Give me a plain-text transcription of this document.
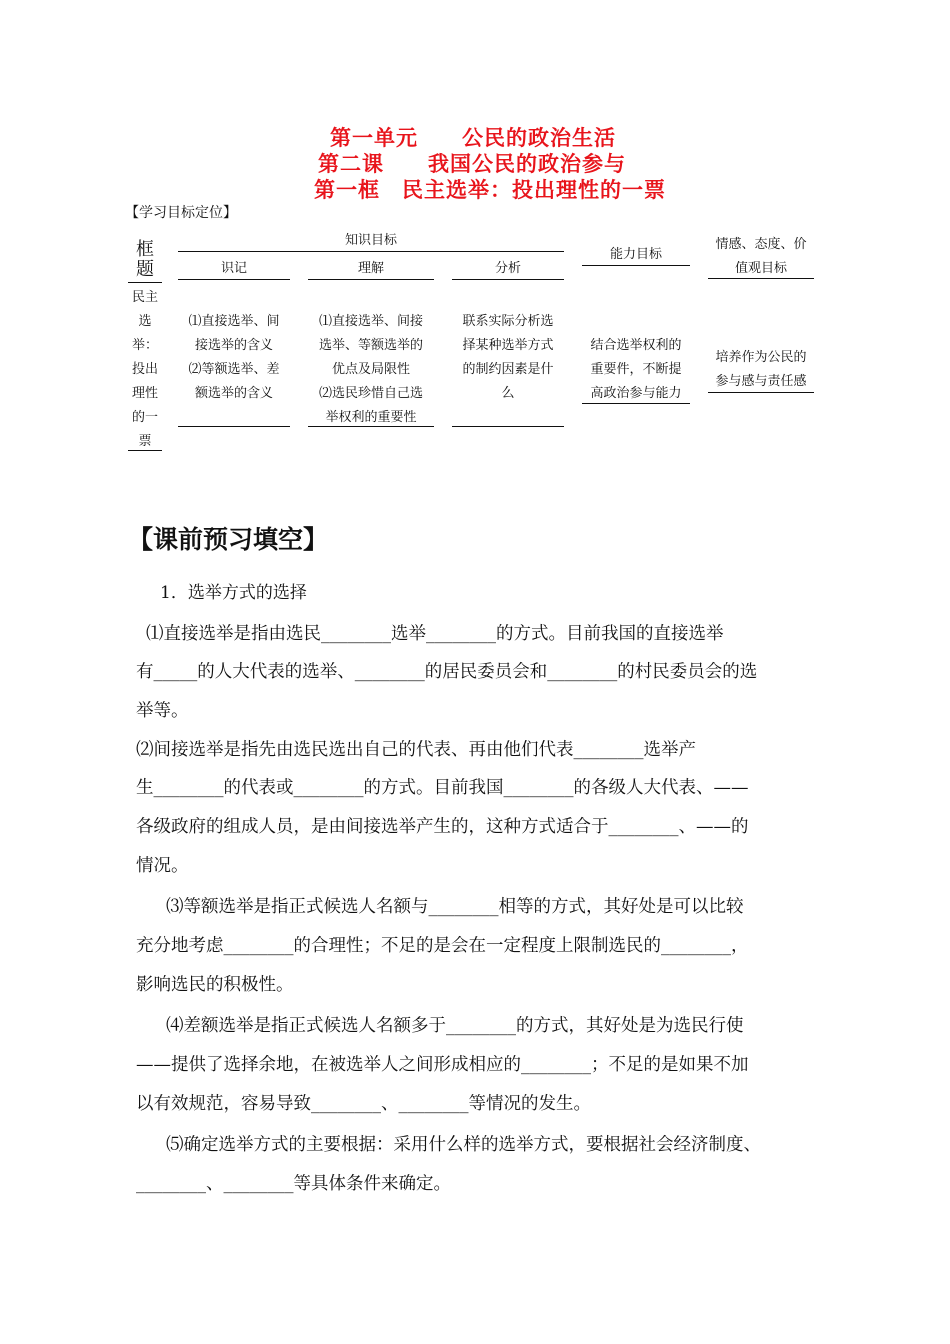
第一单元　　公民的政治生活
第二课　　我国公民的政治参与
第一框　民主选举：投出理性的一票
【学习目标定位】
框题
知识目标
识记	理解	分析
能力目标
情感、态度、价
值观目标
民主
选
举：
投出
理性
的一
票
⑴直接选举、间
接选举的含义
⑵等额选举、差
额选举的含义
⑴直接选举、间接
选举、等额选举的
优点及局限性
⑵选民珍惜自己选
举权利的重要性
联系实际分析选
择某种选举方式
的制约因素是什
么
结合选举权利的
重要件，不断提
高政治参与能力
培养作为公民的
参与感与责任感
【课前预习填空】
1．选举方式的选择
⑴直接选举是指由选民________选举________的方式。目前我国的直接选举
有_____的人大代表的选举、________的居民委员会和________的村民委员会的选
举等。
⑵间接选举是指先由选民选出自己的代表、再由他们代表________选举产
生________的代表或________的方式。目前我国________的各级人大代表、——
各级政府的组成人员，是由间接选举产生的，这种方式适合于________、——的
情况。
⑶等额选举是指正式候选人名额与________相等的方式，其好处是可以比较
充分地考虑________的合理性；不足的是会在一定程度上限制选民的________，
影响选民的积极性。
⑷差额选举是指正式候选人名额多于________的方式，其好处是为选民行使
——提供了选择余地，在被选举人之间形成相应的________；不足的是如果不加
以有效规范，容易导致________、________等情况的发生。
⑸确定选举方式的主要根据：采用什么样的选举方式，要根据社会经济制度、
________、________等具体条件来确定。
